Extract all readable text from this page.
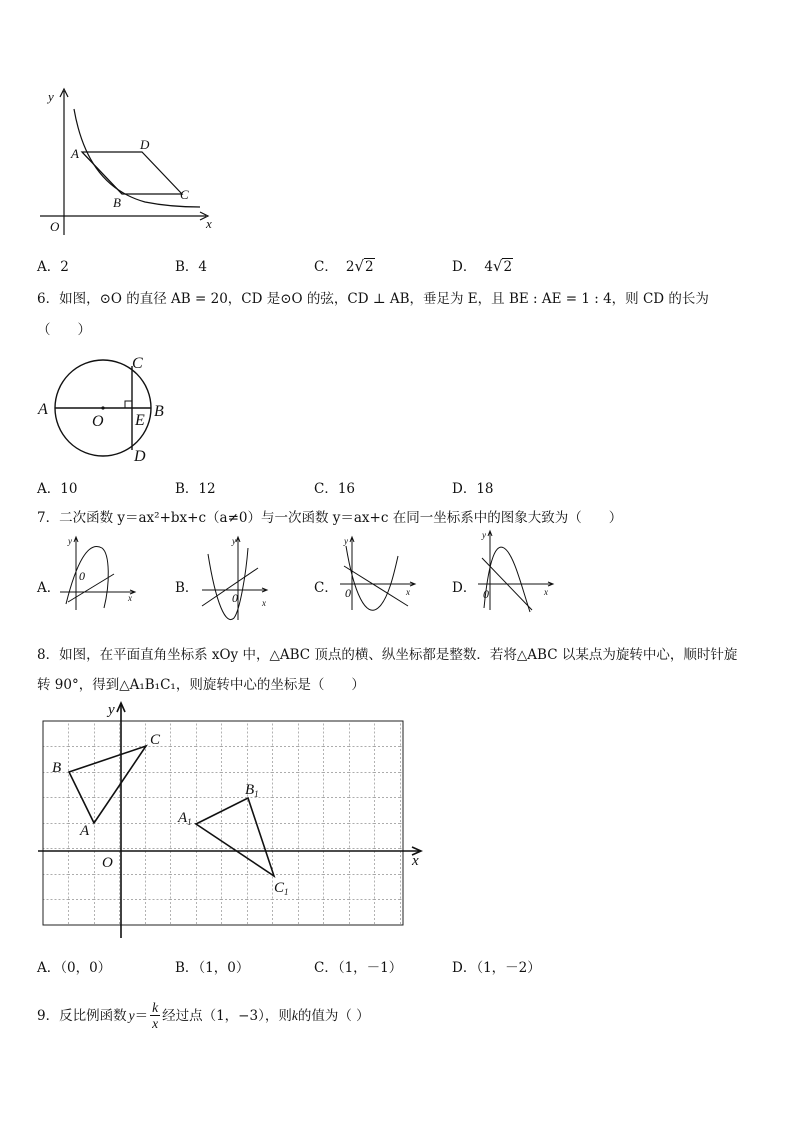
y
x
O
A
B
C
D
A．2	B．4	C． 2√2	D． 4√2
6．如图，⊙O 的直径 AB = 20，CD 是⊙O 的弦，CD ⊥ AB，垂足为 E，且 BE : AE = 1 : 4，则 CD 的长为
（　　）
A	B
C
D
E
O
A．10	B．12	C．16	D．18
7．二次函数 y＝ax²+bx+c（a≠0）与一次函数 y＝ax+c 在同一坐标系中的图象大致为（　　）
A．	B．	C．	D．
y
x
0
y
x
0
y
x
0
y
x
0
8．如图，在平面直角坐标系 xOy 中，△ABC 顶点的横、纵坐标都是整数．若将△ABC 以某点为旋转中心，顺时针旋
转 90°，得到△A₁B₁C₁，则旋转中心的坐标是（　　）
y
x
O
A
B
C
$A_1$
$B_1$
$C_1$
A．（0，0）	B．（1，0）	C．（1，－1）	D．（1，－2）
9．反比例函数 $y = \frac{k}{x}$ 经过点（1，−3），则 k 的值为（ ）
